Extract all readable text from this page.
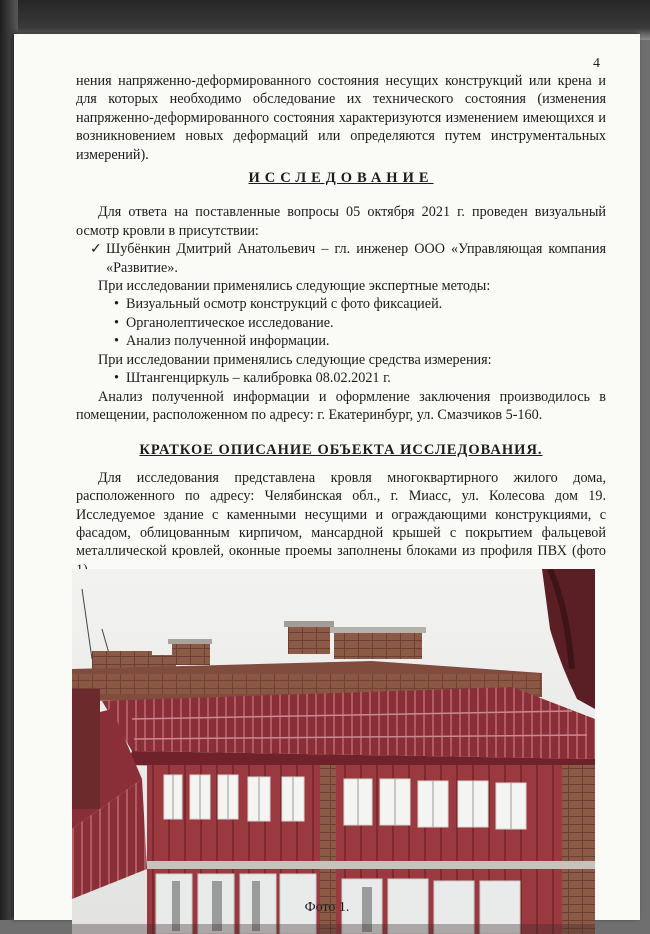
4

нения напряженно-деформированного состояния несущих конструкций или крена и для которых необходимо обследование их технического состояния (изменения напряженно-деформированного состояния характеризуются изменением имеющихся и возникновением новых деформаций или определяются путем инструментальных измерений).

ИССЛЕДОВАНИЕ

Для ответа на поставленные вопросы 05 октября 2021 г. проведен визуальный осмотр кровли в присутствии:

✓ Шубёнкин Дмитрий Анатольевич – гл. инженер ООО «Управляющая компания «Развитие».

При исследовании применялись следующие экспертные методы:

• Визуальный осмотр конструкций с фото фиксацией.
• Органолептическое исследование.
• Анализ полученной информации.

При исследовании применялись следующие средства измерения:

• Штангенциркуль – калибровка 08.02.2021 г.

Анализ полученной информации и оформление заключения производилось в помещении, расположенном по адресу: г. Екатеринбург, ул. Смазчиков 5-160.

КРАТКОЕ ОПИСАНИЕ ОБЪЕКТА ИССЛЕДОВАНИЯ.

Для исследования представлена кровля многоквартирного жилого дома, расположенного по адресу: Челябинская обл., г. Миасс, ул. Колесова дом 19. Исследуемое здание с каменными несущими и ограждающими конструкциями, с фасадом, облицованным кирпичом, мансардной крышей с покрытием фальцевой металлической кровлей, оконные проемы заполнены блоками из профиля ПВХ (фото

Фото 1.
